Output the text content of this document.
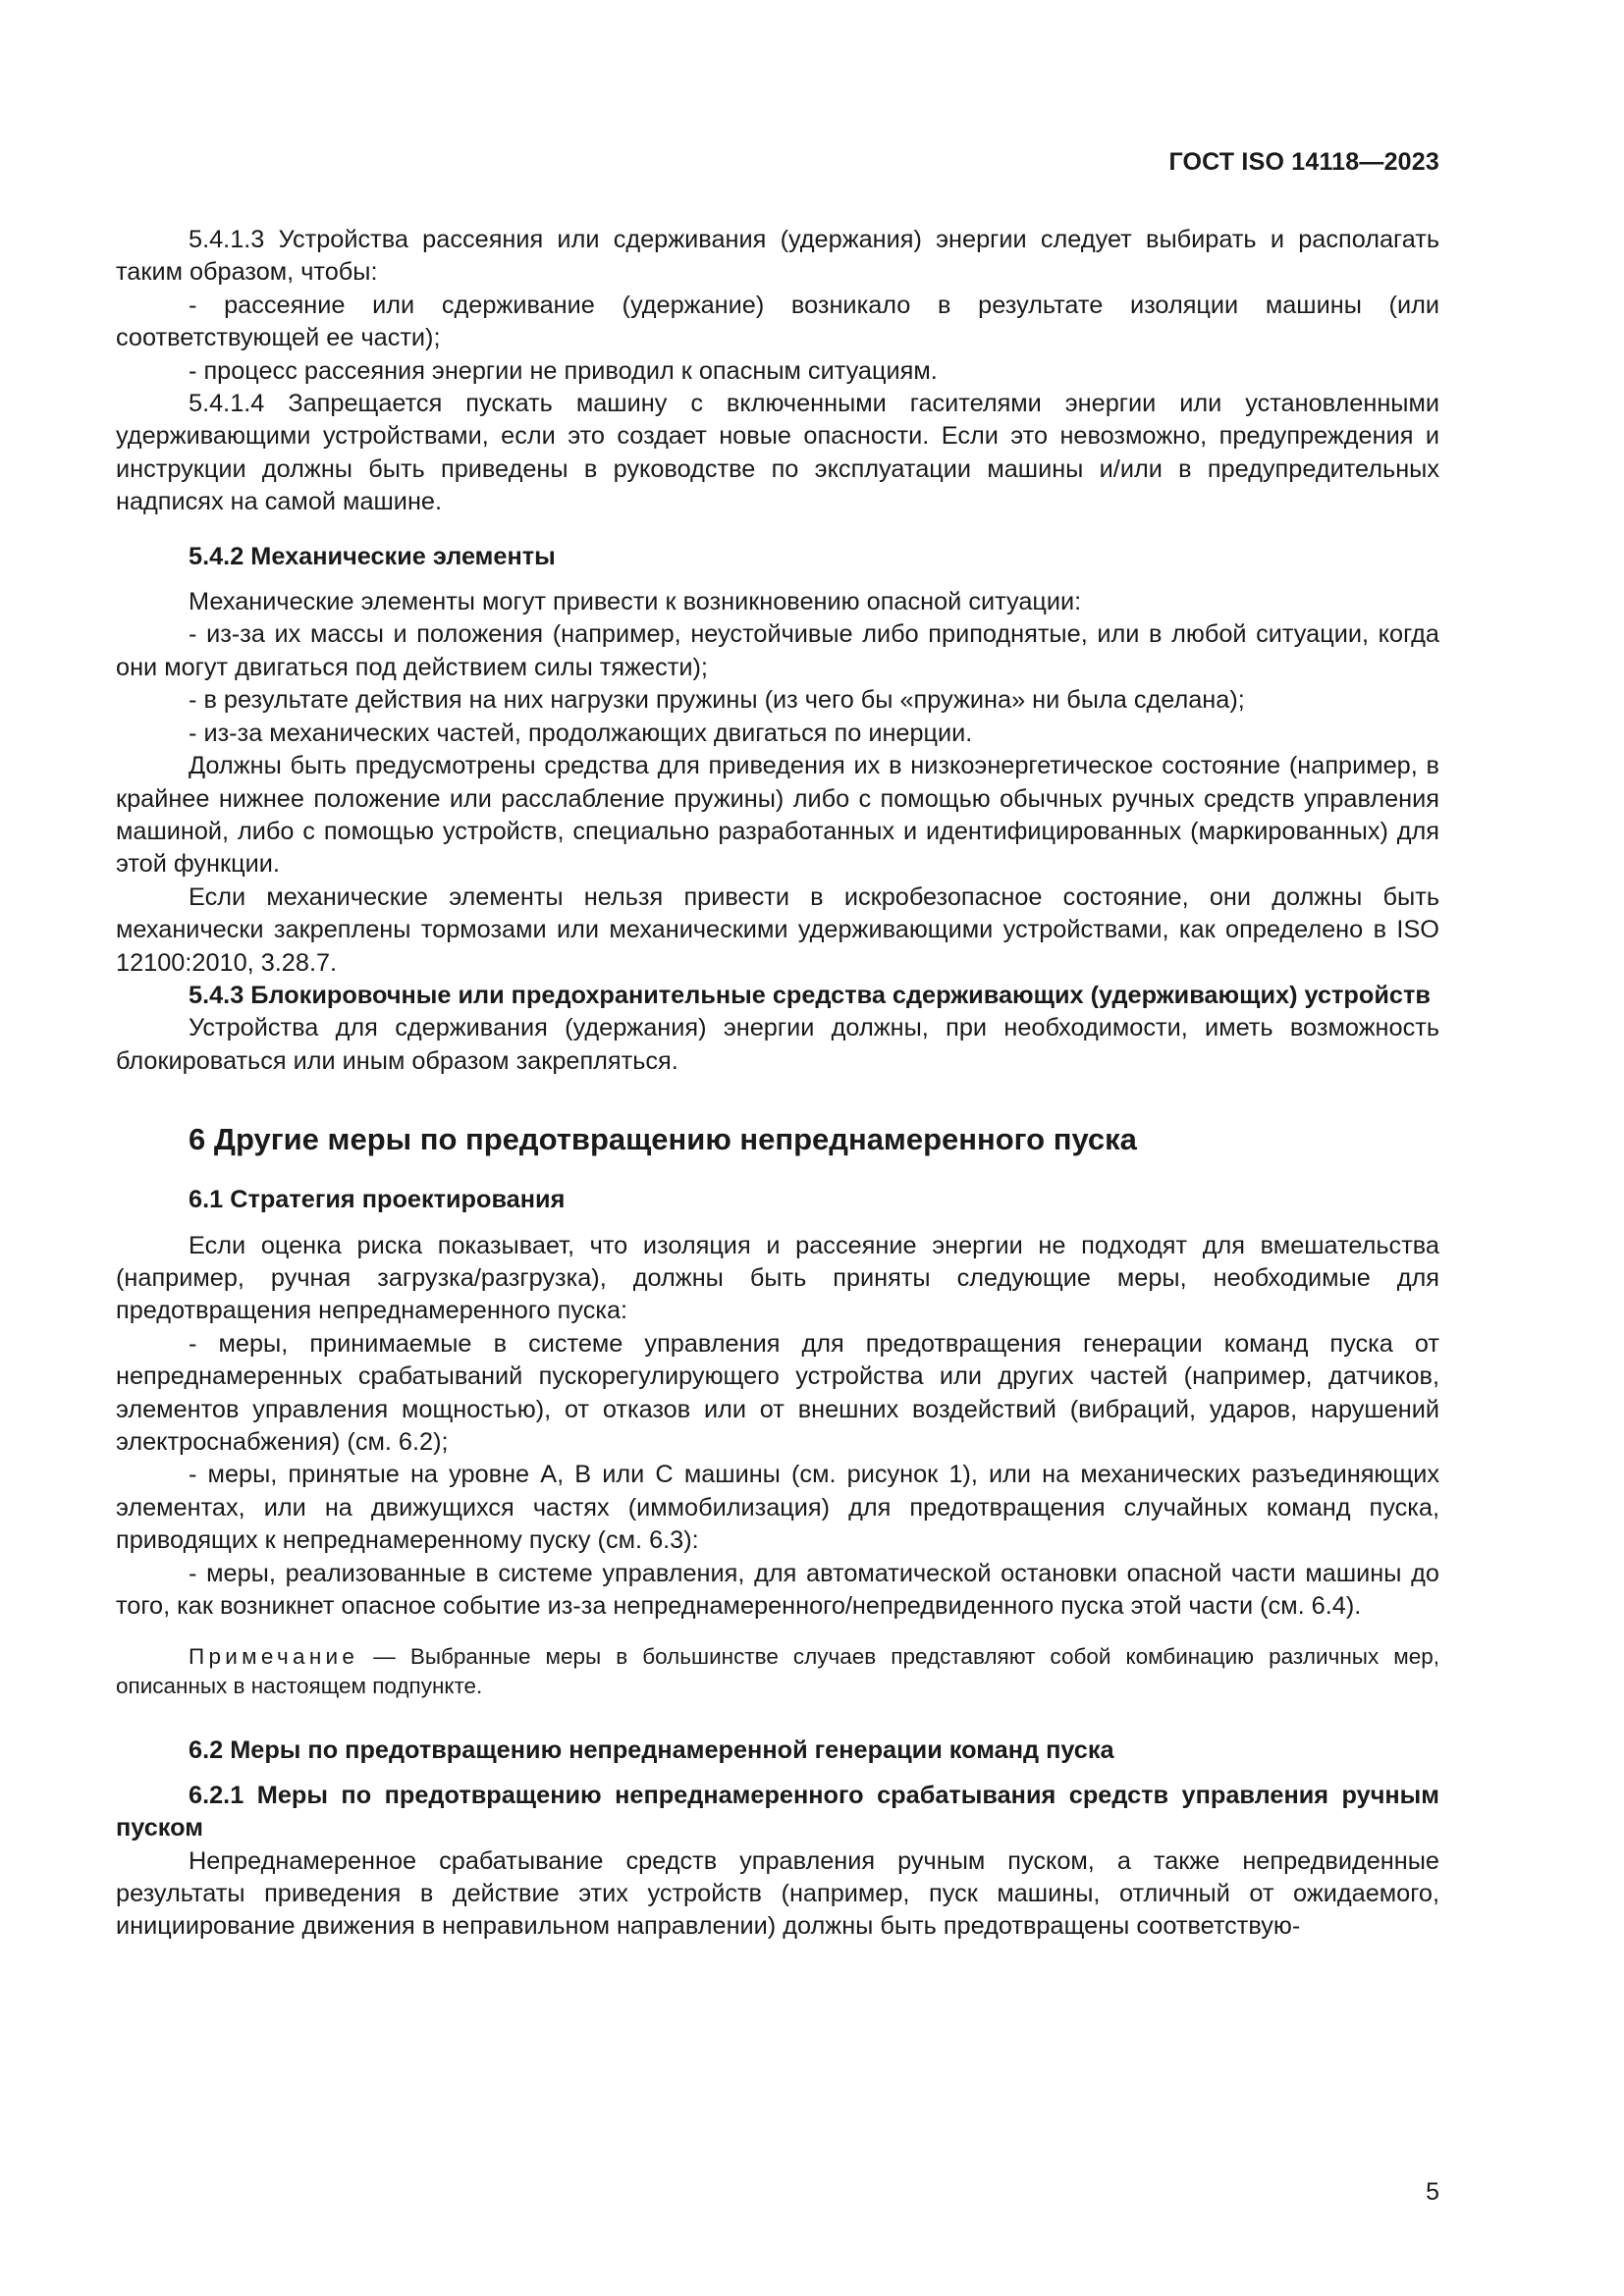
ГОСТ ISO 14118—2023

5.4.1.3 Устройства рассеяния или сдерживания (удержания) энергии следует выбирать и располагать таким образом, чтобы:

- рассеяние или сдерживание (удержание) возникало в результате изоляции машины (или соответствующей ее части);

- процесс рассеяния энергии не приводил к опасным ситуациям.

5.4.1.4 Запрещается пускать машину с включенными гасителями энергии или установленными удерживающими устройствами, если это создает новые опасности. Если это невозможно, предупреждения и инструкции должны быть приведены в руководстве по эксплуатации машины и/или в предупредительных надписях на самой машине.

5.4.2 Механические элементы

Механические элементы могут привести к возникновению опасной ситуации:

- из-за их массы и положения (например, неустойчивые либо приподнятые, или в любой ситуации, когда они могут двигаться под действием силы тяжести);

- в результате действия на них нагрузки пружины (из чего бы «пружина» ни была сделана);

- из-за механических частей, продолжающих двигаться по инерции.

Должны быть предусмотрены средства для приведения их в низкоэнергетическое состояние (например, в крайнее нижнее положение или расслабление пружины) либо с помощью обычных ручных средств управления машиной, либо с помощью устройств, специально разработанных и идентифицированных (маркированных) для этой функции.

Если механические элементы нельзя привести в искробезопасное состояние, они должны быть механически закреплены тормозами или механическими удерживающими устройствами, как определено в ISO 12100:2010, 3.28.7.

5.4.3 Блокировочные или предохранительные средства сдерживающих (удерживающих) устройств

Устройства для сдерживания (удержания) энергии должны, при необходимости, иметь возможность блокироваться или иным образом закрепляться.

6 Другие меры по предотвращению непреднамеренного пуска

6.1 Стратегия проектирования

Если оценка риска показывает, что изоляция и рассеяние энергии не подходят для вмешательства (например, ручная загрузка/разгрузка), должны быть приняты следующие меры, необходимые для предотвращения непреднамеренного пуска:

- меры, принимаемые в системе управления для предотвращения генерации команд пуска от непреднамеренных срабатываний пускорегулирующего устройства или других частей (например, датчиков, элементов управления мощностью), от отказов или от внешних воздействий (вибраций, ударов, нарушений электроснабжения) (см. 6.2);

- меры, принятые на уровне A, B или C машины (см. рисунок 1), или на механических разъединяющих элементах, или на движущихся частях (иммобилизация) для предотвращения случайных команд пуска, приводящих к непреднамеренному пуску (см. 6.3):

- меры, реализованные в системе управления, для автоматической остановки опасной части машины до того, как возникнет опасное событие из-за непреднамеренного/непредвиденного пуска этой части (см. 6.4).

Примечание — Выбранные меры в большинстве случаев представляют собой комбинацию различных мер, описанных в настоящем подпункте.

6.2 Меры по предотвращению непреднамеренной генерации команд пуска

6.2.1 Меры по предотвращению непреднамеренного срабатывания средств управления ручным пуском

Непреднамеренное срабатывание средств управления ручным пуском, а также непредвиденные результаты приведения в действие этих устройств (например, пуск машины, отличный от ожидаемого, инициирование движения в неправильном направлении) должны быть предотвращены соответствую-

5
